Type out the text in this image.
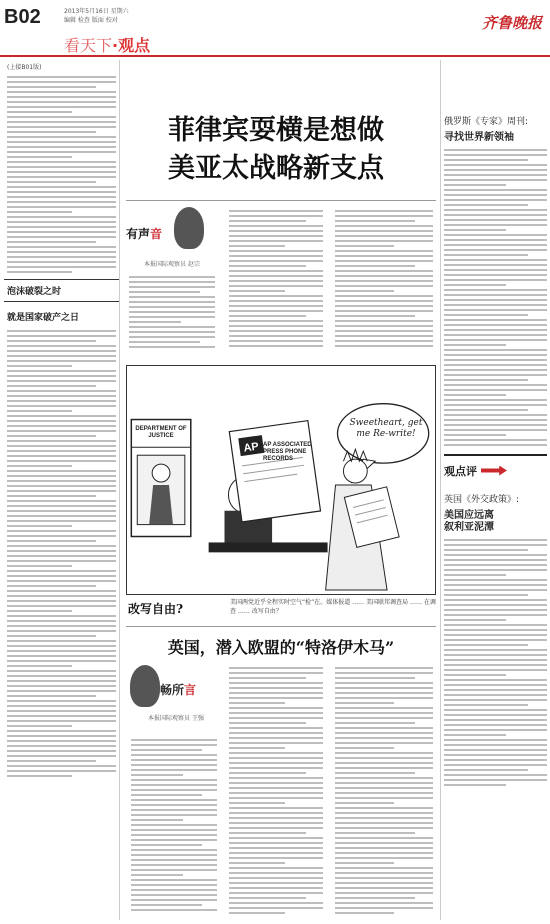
B02	2013年5月16日 星期六
编辑 检查 版面 校对
看天下·观点
齐鲁晚报
(上接B01版)
泡沫破裂之时
就是国家破产之日
菲律宾耍横是想做
美亚太战略新支点
有声音
本报国际观察员 赵宗
AP
DEPARTMENT OF JUSTICE
AP ASSOCIATED PRESS PHONE RECORDS
Sweetheart, get me Re-write!
改写自由?	美国两党近乎全程实时空气“检”在。媒体报道 …… 美国联邦调查局 …… 在调查 …… 改写自由？
英国，潜入欧盟的“特洛伊木马”
畅所言
本报国际观察员 王强
俄罗斯《专家》周刊:
寻找世界新领袖
观点评
英国《外交政策》:
美国应远离
叙利亚泥潭
